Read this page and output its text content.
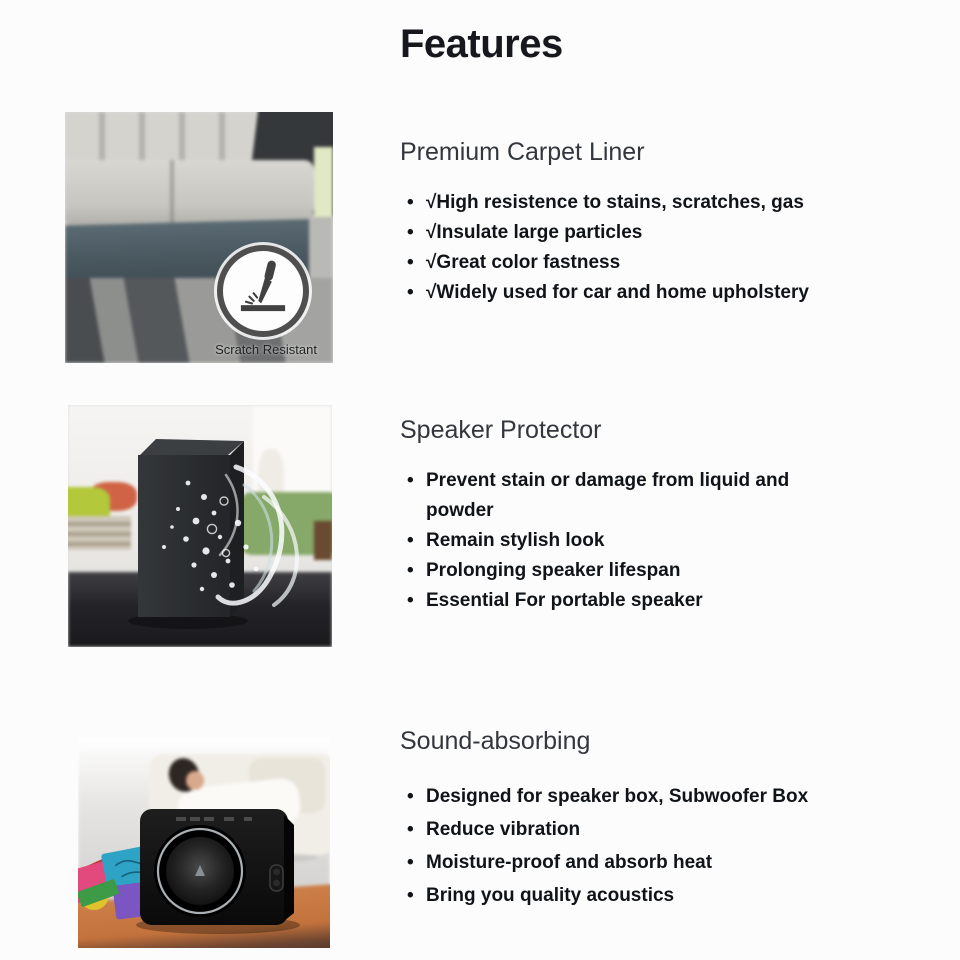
Features
Scratch Resistant
Premium Carpet Liner
• √High resistence to stains, scratches, gas
• √Insulate large particles
• √Great color fastness
• √Widely used for car and home upholstery
Speaker Protector
• Prevent stain or damage from liquid and powder
• Remain stylish look
• Prolonging speaker lifespan
• Essential For portable speaker
Sound-absorbing
• Designed for speaker box, Subwoofer Box
• Reduce vibration
• Moisture-proof and absorb heat
• Bring you quality acoustics
